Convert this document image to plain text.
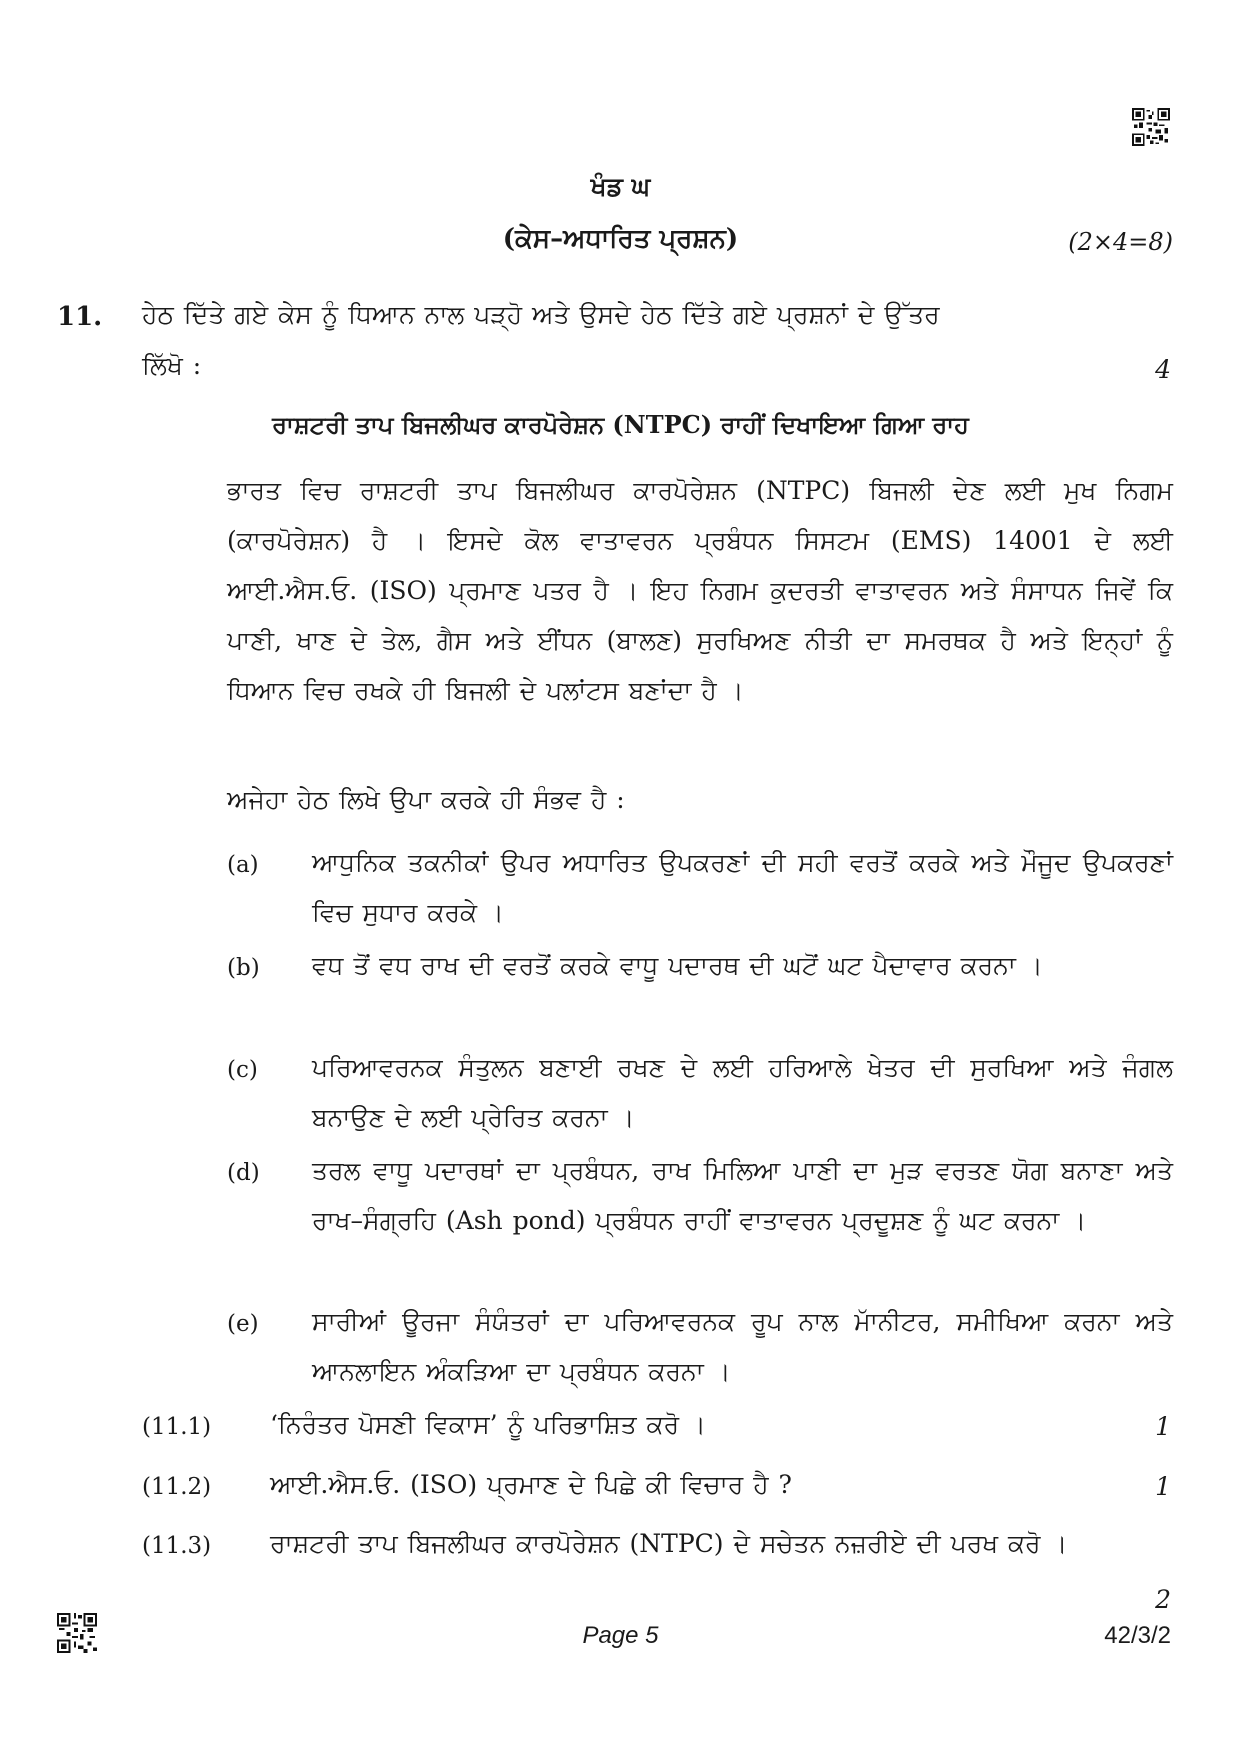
ਖੰਡ ਘ
(ਕੇਸ–ਅਧਾਰਿਤ ਪ੍ਰਸ਼ਨ)	(2×4=8)
11. ਹੇਠ ਦਿੱਤੇ ਗਏ ਕੇਸ ਨੂੰ ਧਿਆਨ ਨਾਲ ਪੜ੍ਹੋ ਅਤੇ ਉਸਦੇ ਹੇਠ ਦਿੱਤੇ ਗਏ ਪ੍ਰਸ਼ਨਾਂ ਦੇ ਉੱਤਰ
ਲਿੱਖੋ :	4
ਰਾਸ਼ਟਰੀ ਤਾਪ ਬਿਜਲੀਘਰ ਕਾਰਪੋਰੇਸ਼ਨ (NTPC) ਰਾਹੀਂ ਦਿਖਾਇਆ ਗਿਆ ਰਾਹ
ਭਾਰਤ ਵਿਚ ਰਾਸ਼ਟਰੀ ਤਾਪ ਬਿਜਲੀਘਰ ਕਾਰਪੋਰੇਸ਼ਨ (NTPC) ਬਿਜਲੀ ਦੇਣ ਲਈ ਮੁਖ ਨਿਗਮ (ਕਾਰਪੋਰੇਸ਼ਨ) ਹੈ । ਇਸਦੇ ਕੋਲ ਵਾਤਾਵਰਨ ਪ੍ਰਬੰਧਨ ਸਿਸਟਮ (EMS) 14001 ਦੇ ਲਈ ਆਈ.ਐਸ.ਓ. (ISO) ਪ੍ਰਮਾਣ ਪਤਰ ਹੈ । ਇਹ ਨਿਗਮ ਕੁਦਰਤੀ ਵਾਤਾਵਰਨ ਅਤੇ ਸੰਸਾਧਨ ਜਿਵੇਂ ਕਿ ਪਾਣੀ, ਖਾਣ ਦੇ ਤੇਲ, ਗੈਸ ਅਤੇ ਈਂਧਨ (ਬਾਲਣ) ਸੁਰਖਿਅਣ ਨੀਤੀ ਦਾ ਸਮਰਥਕ ਹੈ ਅਤੇ ਇਨ੍ਹਾਂ ਨੂੰ ਧਿਆਨ ਵਿਚ ਰਖਕੇ ਹੀ ਬਿਜਲੀ ਦੇ ਪਲਾਂਟਸ ਬਣਾਂਦਾ ਹੈ ।
ਅਜੇਹਾ ਹੇਠ ਲਿਖੇ ਉਪਾ ਕਰਕੇ ਹੀ ਸੰਭਵ ਹੈ :
(a) ਆਧੁਨਿਕ ਤਕਨੀਕਾਂ ਉਪਰ ਅਧਾਰਿਤ ਉਪਕਰਣਾਂ ਦੀ ਸਹੀ ਵਰਤੋਂ ਕਰਕੇ ਅਤੇ ਮੌਜੂਦ ਉਪਕਰਣਾਂ ਵਿਚ ਸੁਧਾਰ ਕਰਕੇ ।
(b) ਵਧ ਤੋਂ ਵਧ ਰਾਖ ਦੀ ਵਰਤੋਂ ਕਰਕੇ ਵਾਧੂ ਪਦਾਰਥ ਦੀ ਘਟੋਂ ਘਟ ਪੈਦਾਵਾਰ ਕਰਨਾ ।
(c) ਪਰਿਆਵਰਨਕ ਸੰਤੁਲਨ ਬਣਾਈ ਰਖਣ ਦੇ ਲਈ ਹਰਿਆਲੇ ਖੇਤਰ ਦੀ ਸੁਰਖਿਆ ਅਤੇ ਜੰਗਲ ਬਨਾਉਣ ਦੇ ਲਈ ਪ੍ਰੇਰਿਤ ਕਰਨਾ ।
(d) ਤਰਲ ਵਾਧੂ ਪਦਾਰਥਾਂ ਦਾ ਪ੍ਰਬੰਧਨ, ਰਾਖ ਮਿਲਿਆ ਪਾਣੀ ਦਾ ਮੁੜ ਵਰਤਣ ਯੋਗ ਬਨਾਣਾ ਅਤੇ ਰਾਖ–ਸੰਗ੍ਰਹਿ (Ash pond) ਪ੍ਰਬੰਧਨ ਰਾਹੀਂ ਵਾਤਾਵਰਨ ਪ੍ਰਦੂਸ਼ਣ ਨੂੰ ਘਟ ਕਰਨਾ ।
(e) ਸਾਰੀਆਂ ਊਰਜਾ ਸੰਯੰਤਰਾਂ ਦਾ ਪਰਿਆਵਰਨਕ ਰੂਪ ਨਾਲ ਮਾੱਨੀਟਰ, ਸਮੀਖਿਆ ਕਰਨਾ ਅਤੇ ਆਨਲਾਇਨ ਅੰਕੜਿਆ ਦਾ ਪ੍ਰਬੰਧਨ ਕਰਨਾ ।
(11.1) ‘ਨਿਰੰਤਰ ਪੋਸਣੀ ਵਿਕਾਸ’ ਨੂੰ ਪਰਿਭਾਸ਼ਿਤ ਕਰੋ ।	1
(11.2) ਆਈ.ਐਸ.ਓ. (ISO) ਪ੍ਰਮਾਣ ਦੇ ਪਿਛੇ ਕੀ ਵਿਚਾਰ ਹੈ ?	1
(11.3) ਰਾਸ਼ਟਰੀ ਤਾਪ ਬਿਜਲੀਘਰ ਕਾਰਪੋਰੇਸ਼ਨ (NTPC) ਦੇ ਸਚੇਤਨ ਨਜ਼ਰੀਏ ਦੀ ਪਰਖ ਕਰੋ ।
2
Page 5	42/3/2
